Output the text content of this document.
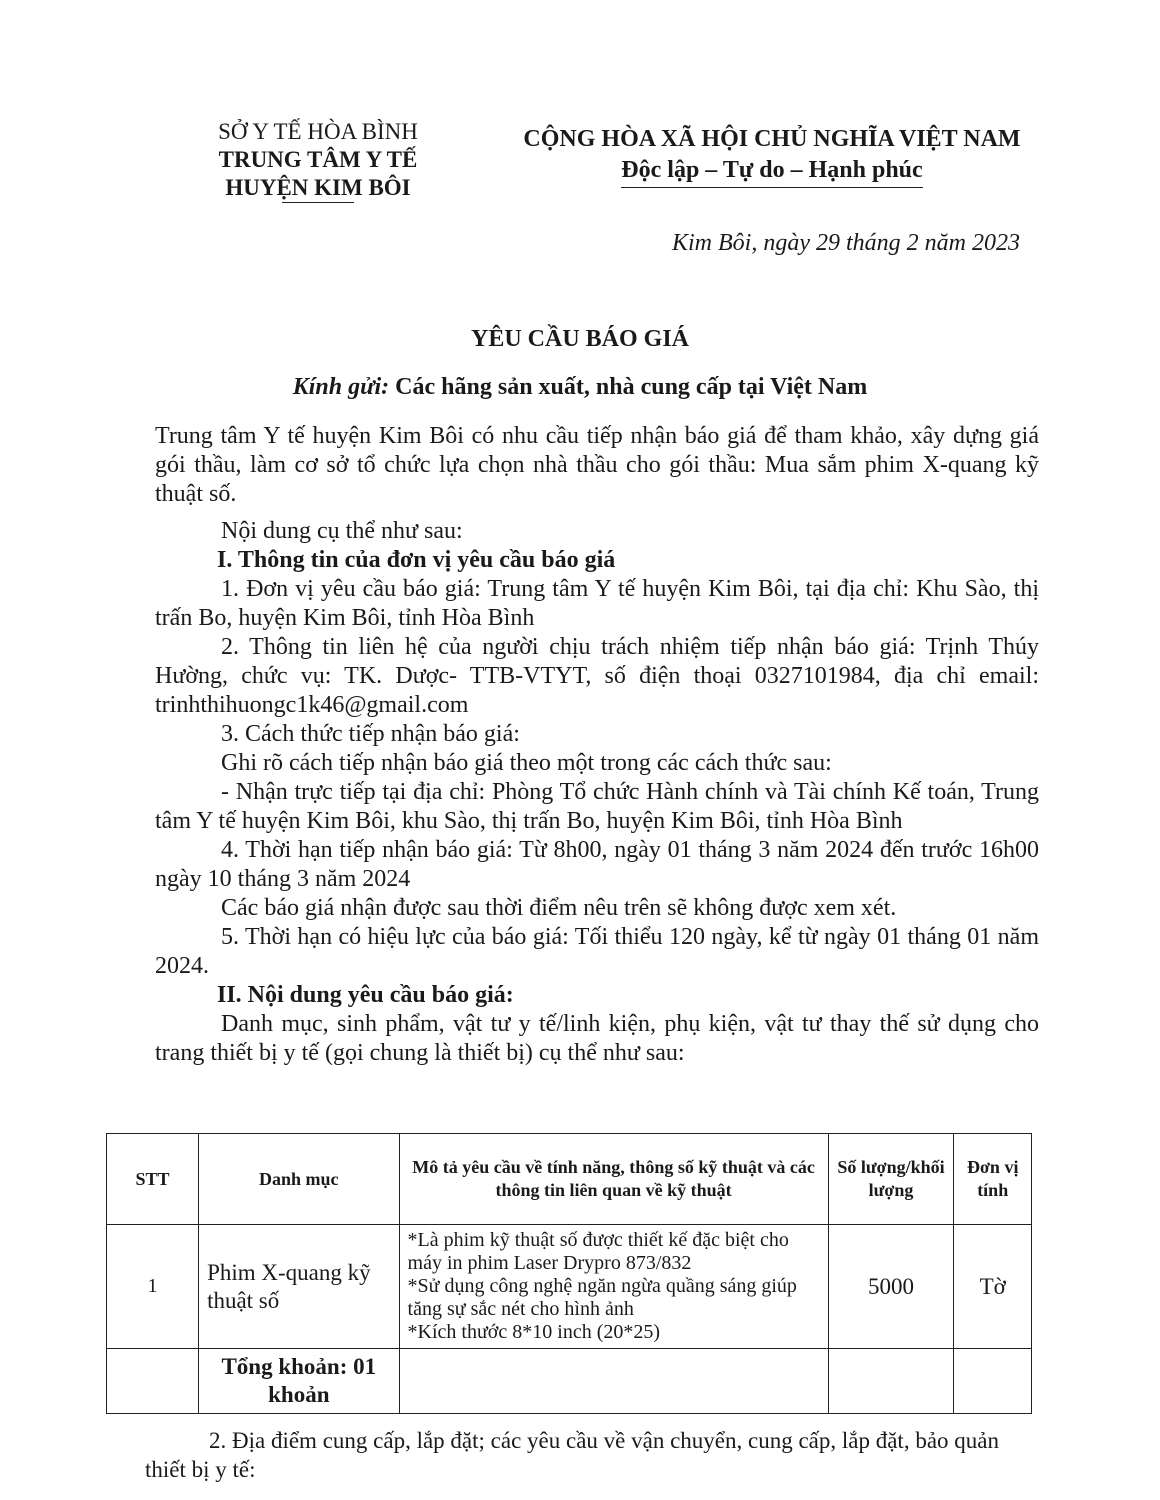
SỞ Y TẾ HÒA BÌNH
TRUNG TÂM Y TẾ
HUYỆN KIM BÔI
CỘNG HÒA XÃ HỘI CHỦ NGHĨA VIỆT NAM
Độc lập – Tự do – Hạnh phúc
Kim Bôi, ngày 29 tháng 2 năm 2023
YÊU CẦU BÁO GIÁ
Kính gửi: Các hãng sản xuất, nhà cung cấp tại Việt Nam

Trung tâm Y tế huyện Kim Bôi có nhu cầu tiếp nhận báo giá để tham khảo, xây dựng giá gói thầu, làm cơ sở tổ chức lựa chọn nhà thầu cho gói thầu: Mua sắm phim X-quang kỹ thuật số.

Nội dung cụ thể như sau:

I. Thông tin của đơn vị yêu cầu báo giá

1. Đơn vị yêu cầu báo giá: Trung tâm Y tế huyện Kim Bôi, tại địa chỉ: Khu Sào, thị trấn Bo, huyện Kim Bôi, tỉnh Hòa Bình

2. Thông tin liên hệ của người chịu trách nhiệm tiếp nhận báo giá: Trịnh Thúy Hường, chức vụ: TK. Dược- TTB-VTYT, số điện thoại 0327101984, địa chỉ email: trinhthihuongc1k46@gmail.com

3. Cách thức tiếp nhận báo giá:

Ghi rõ cách tiếp nhận báo giá theo một trong các cách thức sau:

- Nhận trực tiếp tại địa chỉ: Phòng Tổ chức Hành chính và Tài chính Kế toán, Trung tâm Y tế huyện Kim Bôi, khu Sào, thị trấn Bo, huyện Kim Bôi, tỉnh Hòa Bình

4. Thời hạn tiếp nhận báo giá: Từ 8h00, ngày 01 tháng 3 năm 2024 đến trước 16h00 ngày 10 tháng 3 năm 2024

Các báo giá nhận được sau thời điểm nêu trên sẽ không được xem xét.

5. Thời hạn có hiệu lực của báo giá: Tối thiểu 120 ngày, kể từ ngày 01 tháng 01 năm 2024.

II. Nội dung yêu cầu báo giá:

Danh mục, sinh phẩm, vật tư y tế/linh kiện, phụ kiện, vật tư thay thế sử dụng cho trang thiết bị y tế (gọi chung là thiết bị) cụ thể như sau:

STT	Danh mục	Mô tả yêu cầu về tính năng, thông số kỹ thuật và các thông tin liên quan về kỹ thuật	Số lượng/khối lượng	Đơn vị tính
1	Phim X-quang kỹ thuật số	*Là phim kỹ thuật số được thiết kế đặc biệt cho máy in phim Laser Drypro 873/832
*Sử dụng công nghệ ngăn ngừa quầng sáng giúp tăng sự sắc nét cho hình ảnh
*Kích thước 8*10 inch (20*25)	5000	Tờ
	Tổng khoản: 01 khoản			

2. Địa điểm cung cấp, lắp đặt; các yêu cầu về vận chuyển, cung cấp, lắp đặt, bảo quản thiết bị y tế:
